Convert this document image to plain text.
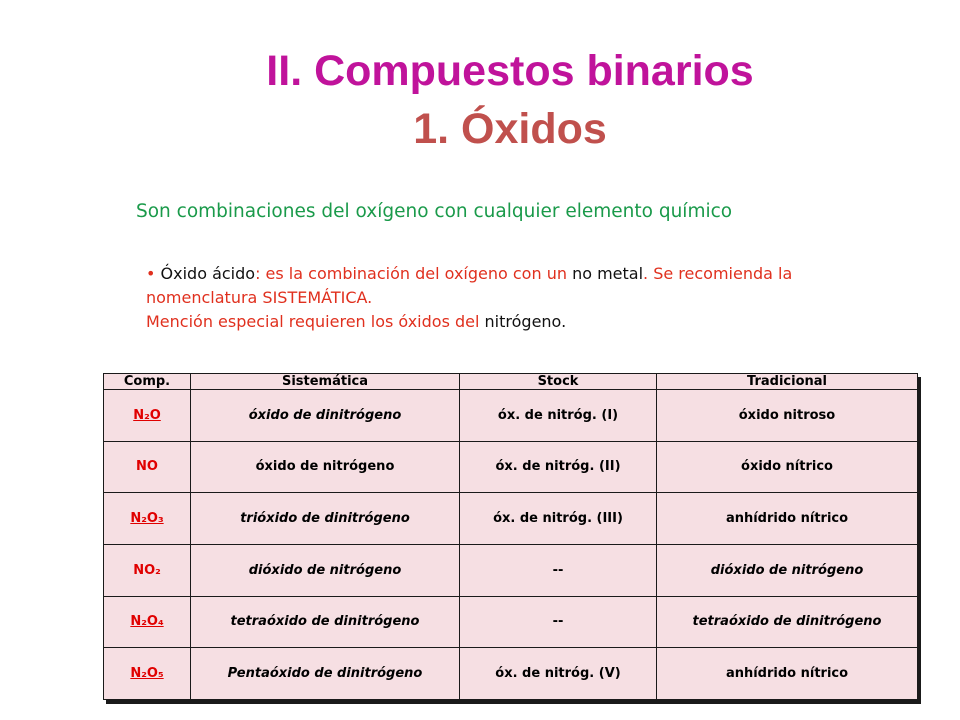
II. Compuestos binarios
1. Óxidos
Son combinaciones del oxígeno con cualquier elemento químico
• Óxido ácido: es la combinación del oxígeno con un no metal. Se recomienda la nomenclatura SISTEMÁTICA.
Mención especial requieren los óxidos del nitrógeno.
Comp.	Sistemática	Stock	Tradicional
N₂O	óxido de dinitrógeno	óx. de nitróg. (I)	óxido nitroso
NO	óxido de nitrógeno	óx. de nitróg. (II)	óxido nítrico
N₂O₃	trióxido de dinitrógeno	óx. de nitróg. (III)	anhídrido nítrico
NO₂	dióxido de nitrógeno	--	dióxido de nitrógeno
N₂O₄	tetraóxido de dinitrógeno	--	tetraóxido de dinitrógeno
N₂O₅	Pentaóxido de dinitrógeno	óx. de nitróg. (V)	anhídrido nítrico
